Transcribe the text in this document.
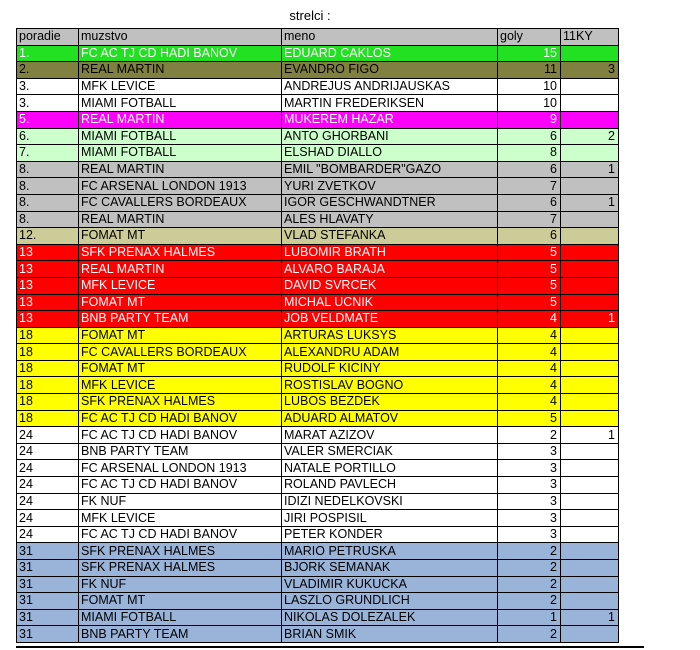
strelci :
poradie	muzstvo	meno	goly	11KY
1.	FC AC TJ CD HADI BANOV	EDUARD CAKLOS	15	
2.	REAL MARTIN	EVANDRO FIGO	11	3
3.	MFK LEVICE	ANDREJUS ANDRIJAUSKAS	10	
3.	MIAMI FOTBALL	MARTIN FREDERIKSEN	10	
5.	REAL MARTIN	MUKEREM HAZAR	9	
6.	MIAMI FOTBALL	ANTO GHORBANI	6	2
7.	MIAMI FOTBALL	ELSHAD DIALLO	8	
8.	REAL MARTIN	EMIL "BOMBARDER"GAZO	6	1
8.	FC ARSENAL LONDON 1913	YURI ZVETKOV	7	
8.	FC CAVALLERS BORDEAUX	IGOR GESCHWANDTNER	6	1
8.	REAL MARTIN	ALES HLAVATY	7	
12.	FOMAT MT	VLAD STEFANKA	6	
13	SFK PRENAX HALMES	LUBOMIR BRATH	5	
13	REAL MARTIN	ALVARO BARAJA	5	
13	MFK LEVICE	DAVID SVRCEK	5	
13	FOMAT MT	MICHAL UCNIK	5	
13	BNB PARTY TEAM	JOB VELDMATE	4	1
18	FOMAT MT	ARTURAS LUKSYS	4	
18	FC CAVALLERS BORDEAUX	ALEXANDRU ADAM	4	
18	FOMAT MT	RUDOLF KICINY	4	
18	MFK LEVICE	ROSTISLAV BOGNO	4	
18	SFK PRENAX HALMES	LUBOS BEZDEK	4	
18	FC AC TJ CD HADI BANOV	ADUARD ALMATOV	5	
24	FC AC TJ CD HADI BANOV	MARAT AZIZOV	2	1
24	BNB PARTY TEAM	VALER SMERCIAK	3	
24	FC ARSENAL LONDON 1913	NATALE PORTILLO	3	
24	FC AC TJ CD HADI BANOV	ROLAND PAVLECH	3	
24	FK NUF	IDIZI NEDELKOVSKI	3	
24	MFK LEVICE	JIRI POSPISIL	3	
24	FC AC TJ CD HADI BANOV	PETER KONDER	3	
31	SFK PRENAX HALMES	MARIO PETRUSKA	2	
31	SFK PRENAX HALMES	BJORK SEMANAK	2	
31	FK NUF	VLADIMIR KUKUCKA	2	
31	FOMAT MT	LASZLO GRUNDLICH	2	
31	MIAMI FOTBALL	NIKOLAS DOLEZALEK	1	1
31	BNB PARTY TEAM	BRIAN SMIK	2	
